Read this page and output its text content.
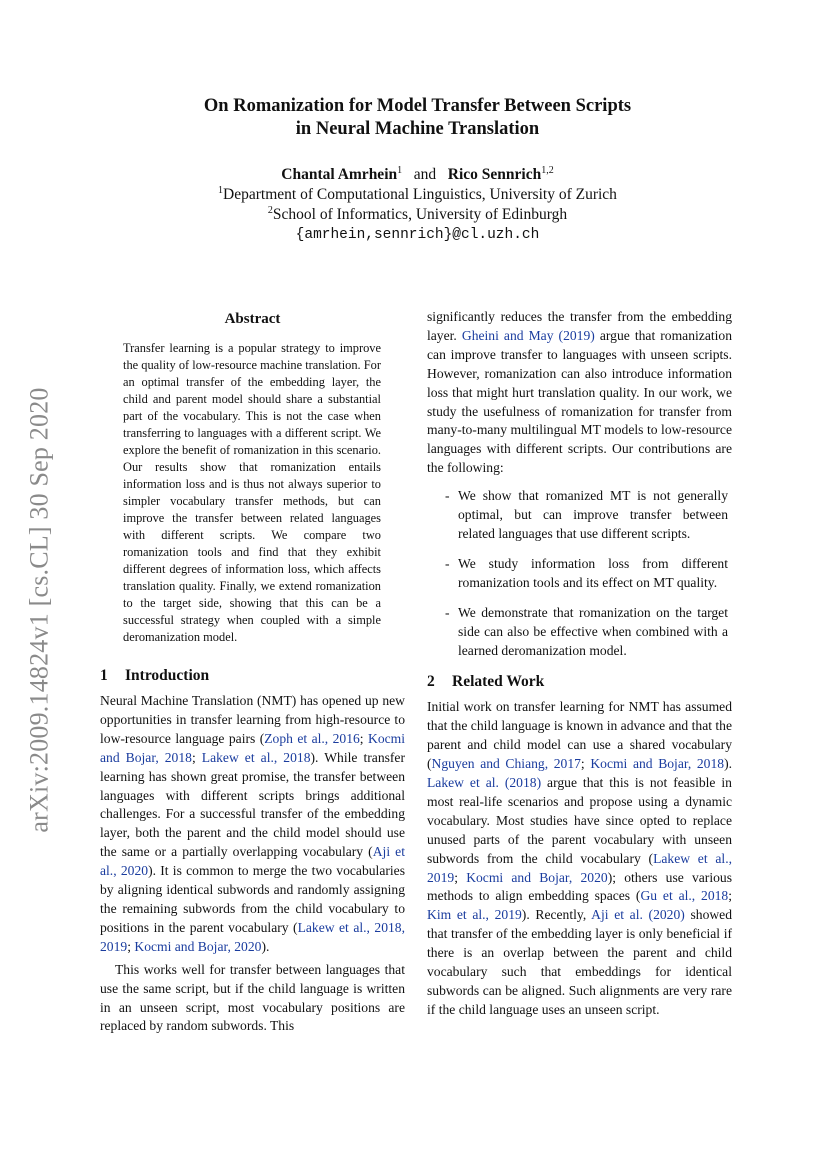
arXiv:2009.14824v1 [cs.CL] 30 Sep 2020
On Romanization for Model Transfer Between Scripts
in Neural Machine Translation
Chantal Amrhein$^1$ and Rico Sennrich$^{1,2}$
$^1$Department of Computational Linguistics, University of Zurich
$^2$School of Informatics, University of Edinburgh
{amrhein,sennrich}@cl.uzh.ch
Abstract

Transfer learning is a popular strategy to improve the quality of low-resource machine translation. For an optimal transfer of the embedding layer, the child and parent model should share a substantial part of the vocabulary. This is not the case when transferring to languages with a different script. We explore the benefit of romanization in this scenario. Our results show that romanization entails information loss and is thus not always superior to simpler vocabulary transfer methods, but can improve the transfer between related languages with different scripts. We compare two romanization tools and find that they exhibit different degrees of information loss, which affects translation quality. Finally, we extend romanization to the target side, showing that this can be a successful strategy when coupled with a simple deromanization model.

1 Introduction

Neural Machine Translation (NMT) has opened up new opportunities in transfer learning from high-resource to low-resource language pairs (Zoph et al., 2016; Kocmi and Bojar, 2018; Lakew et al., 2018). While transfer learning has shown great promise, the transfer between languages with different scripts brings additional challenges. For a successful transfer of the embedding layer, both the parent and the child model should use the same or a partially overlapping vocabulary (Aji et al., 2020). It is common to merge the two vocabularies by aligning identical subwords and randomly assigning the remaining subwords from the child vocabulary to positions in the parent vocabulary (Lakew et al., 2018, 2019; Kocmi and Bojar, 2020).

This works well for transfer between languages that use the same script, but if the child language is written in an unseen script, most vocabulary positions are replaced by random subwords. This

significantly reduces the transfer from the embedding layer. Gheini and May (2019) argue that romanization can improve transfer to languages with unseen scripts. However, romanization can also introduce information loss that might hurt translation quality. In our work, we study the usefulness of romanization for transfer from many-to-many multilingual MT models to low-resource languages with different scripts. Our contributions are the following:

- We show that romanized MT is not generally optimal, but can improve transfer between related languages that use different scripts.
- We study information loss from different romanization tools and its effect on MT quality.
- We demonstrate that romanization on the target side can also be effective when combined with a learned deromanization model.
2 Related Work

Initial work on transfer learning for NMT has assumed that the child language is known in advance and that the parent and child model can use a shared vocabulary (Nguyen and Chiang, 2017; Kocmi and Bojar, 2018). Lakew et al. (2018) argue that this is not feasible in most real-life scenarios and propose using a dynamic vocabulary. Most studies have since opted to replace unused parts of the parent vocabulary with unseen subwords from the child vocabulary (Lakew et al., 2019; Kocmi and Bojar, 2020); others use various methods to align embedding spaces (Gu et al., 2018; Kim et al., 2019). Recently, Aji et al. (2020) showed that transfer of the embedding layer is only beneficial if there is an overlap between the parent and child vocabulary such that embeddings for identical subwords can be aligned. Such alignments are very rare if the child language uses an unseen script.
